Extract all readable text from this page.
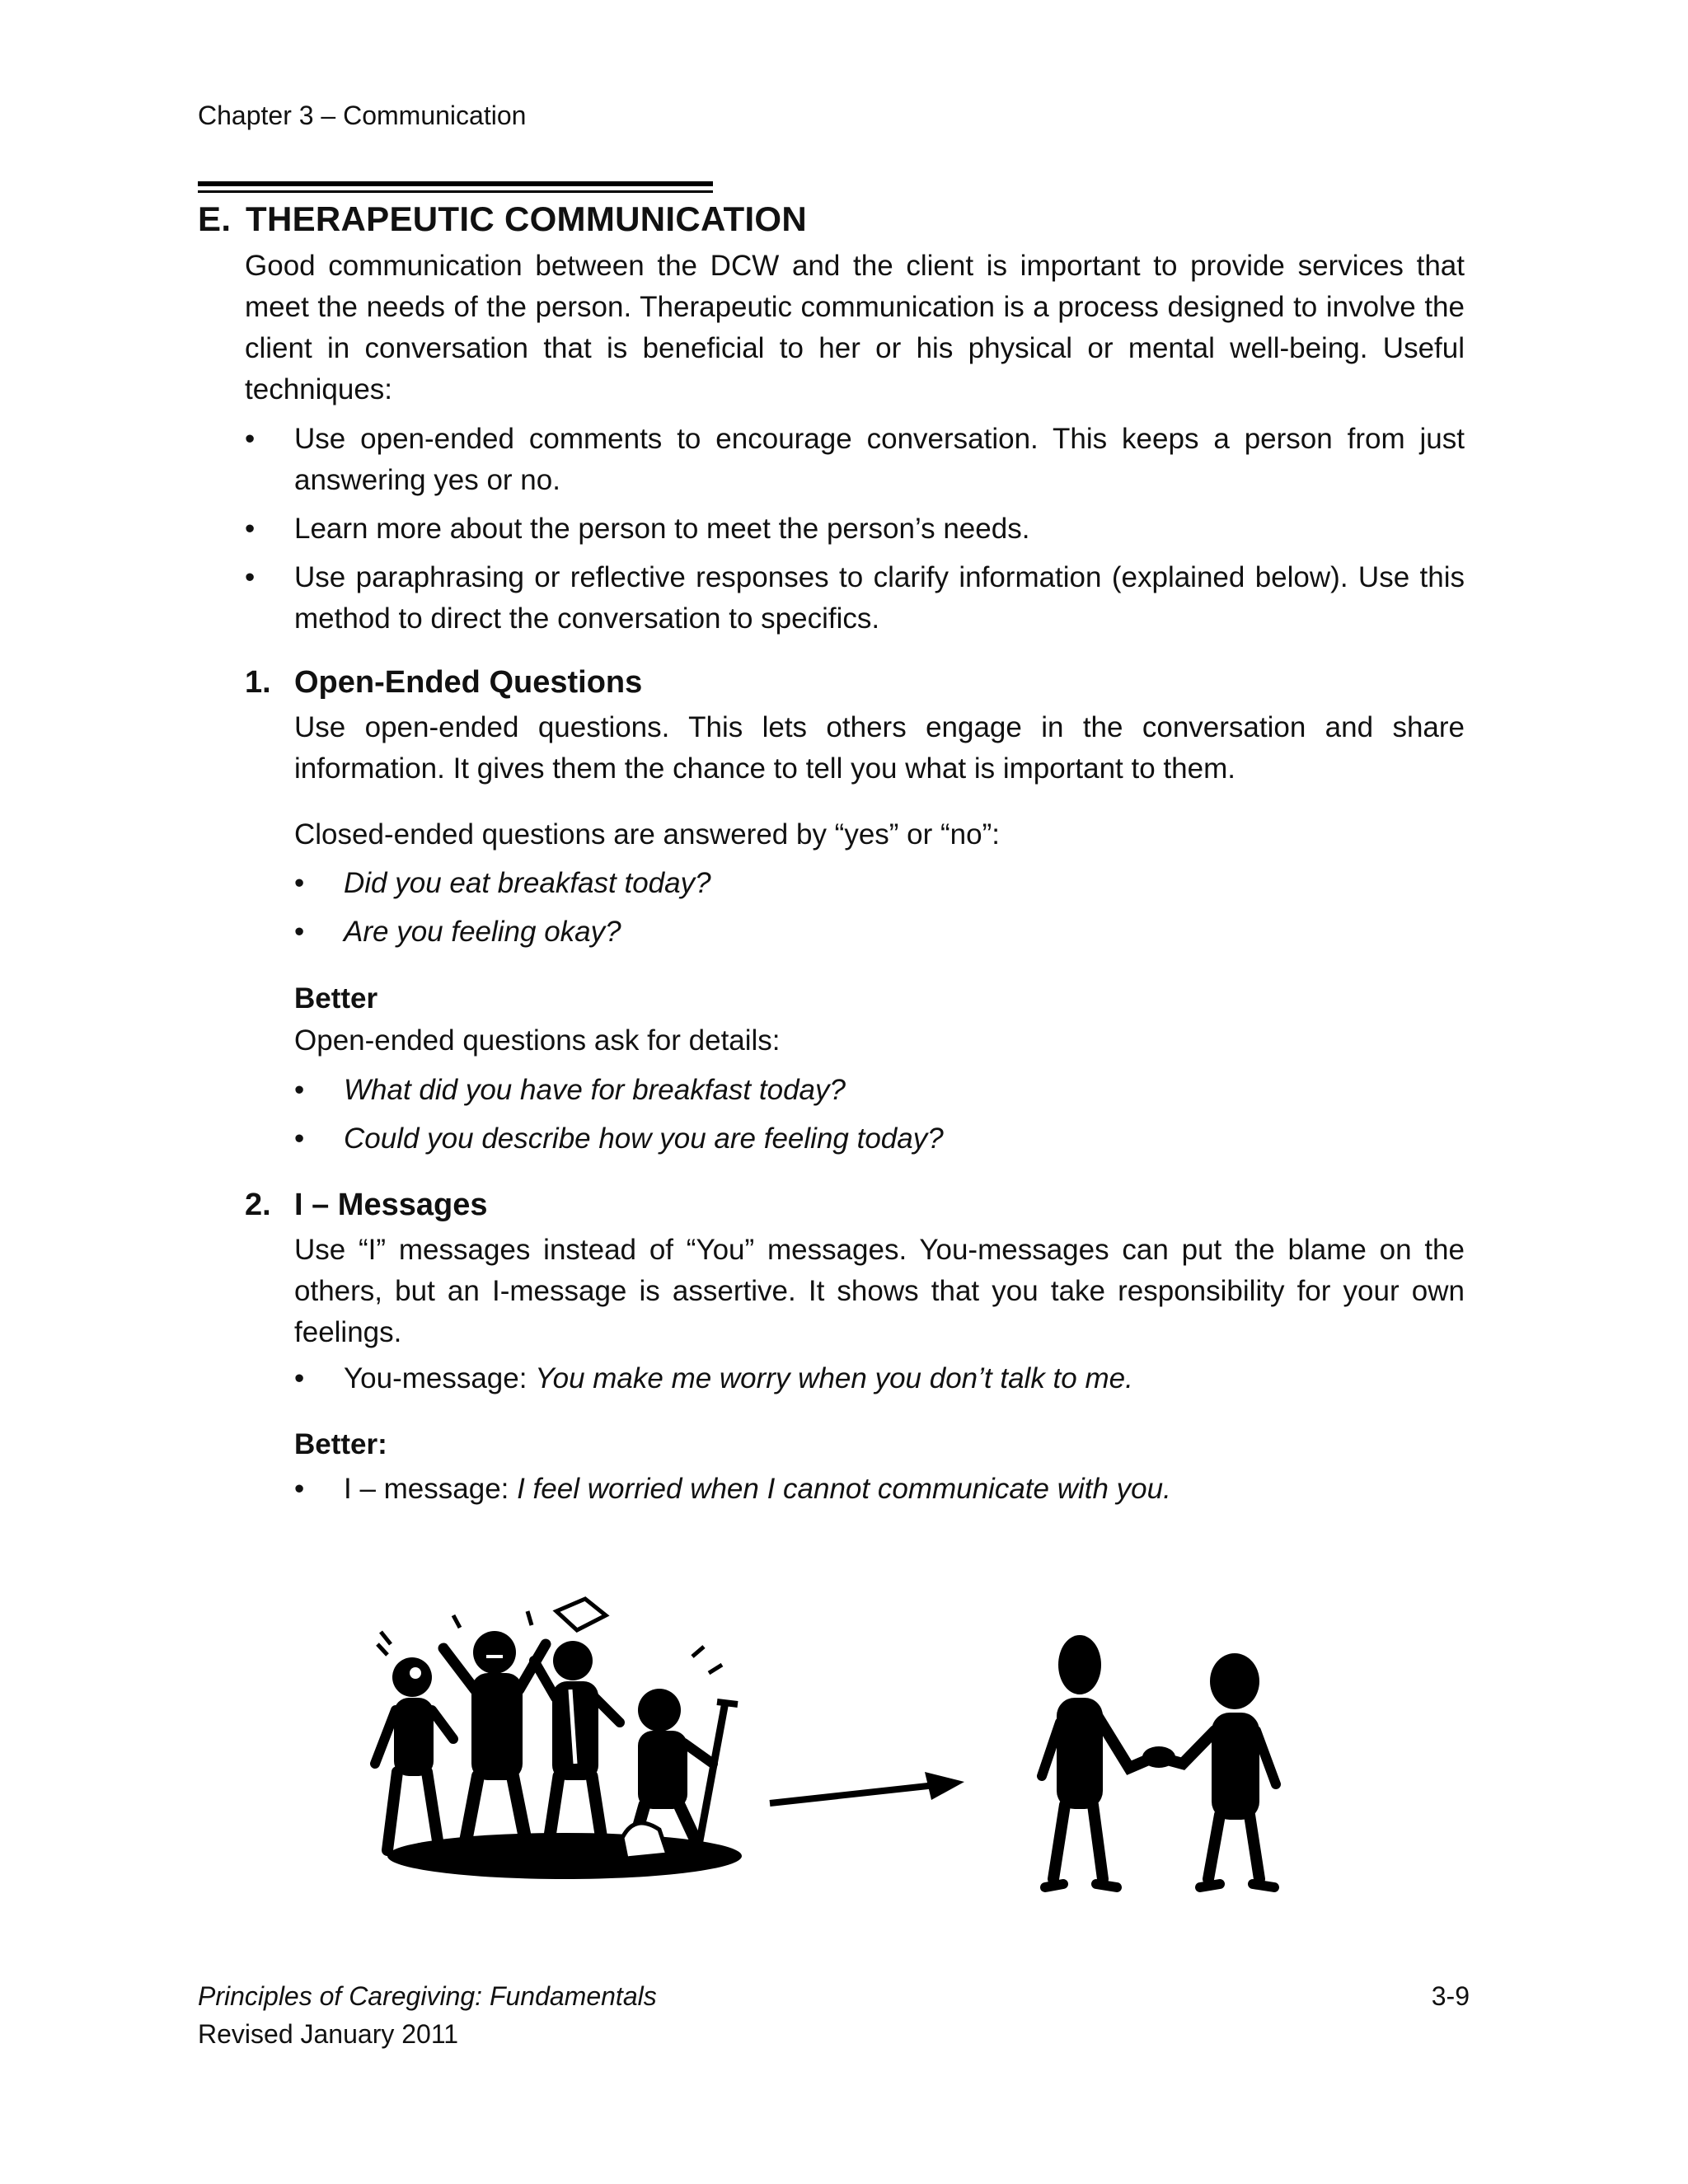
Chapter 3 – Communication
E. THERAPEUTIC COMMUNICATION
Good communication between the DCW and the client is important to provide services that meet the needs of the person. Therapeutic communication is a process designed to involve the client in conversation that is beneficial to her or his physical or mental well-being. Useful techniques:
• Use open-ended comments to encourage conversation. This keeps a person from just answering yes or no.
• Learn more about the person to meet the person’s needs.
• Use paraphrasing or reflective responses to clarify information (explained below). Use this method to direct the conversation to specifics.
1. Open-Ended Questions
Use open-ended questions. This lets others engage in the conversation and share information. It gives them the chance to tell you what is important to them.
Closed-ended questions are answered by “yes” or “no”:
• Did you eat breakfast today?
• Are you feeling okay?
Better
Open-ended questions ask for details:
• What did you have for breakfast today?
• Could you describe how you are feeling today?
2. I – Messages
Use “I” messages instead of “You” messages. You-messages can put the blame on the others, but an I-message is assertive. It shows that you take responsibility for your own feelings.
• You-message: You make me worry when you don’t talk to me.
Better:
• I – message: I feel worried when I cannot communicate with you.
Principles of Caregiving: Fundamentals	3-9
Revised January 2011
